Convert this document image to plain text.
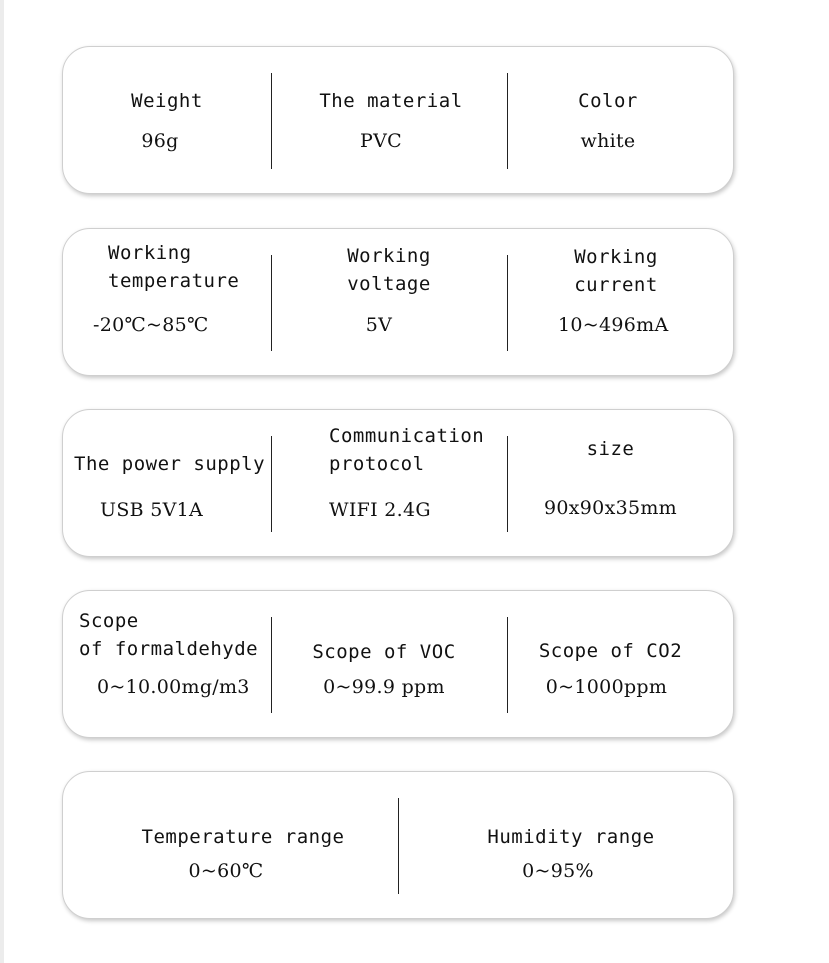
Weight
96g
The material
PVC
Color
white
Working
temperature
-20℃~85℃
Working
voltage
5V
Working
current
10~496mA
The power supply
USB 5V1A
Communication
protocol
WIFI 2.4G
size
90x90x35mm
Scope
of formaldehyde
0~10.00mg/m3
Scope of VOC
0~99.9 ppm
Scope of CO2
0~1000ppm
Temperature range
0~60℃
Humidity range
0~95%
